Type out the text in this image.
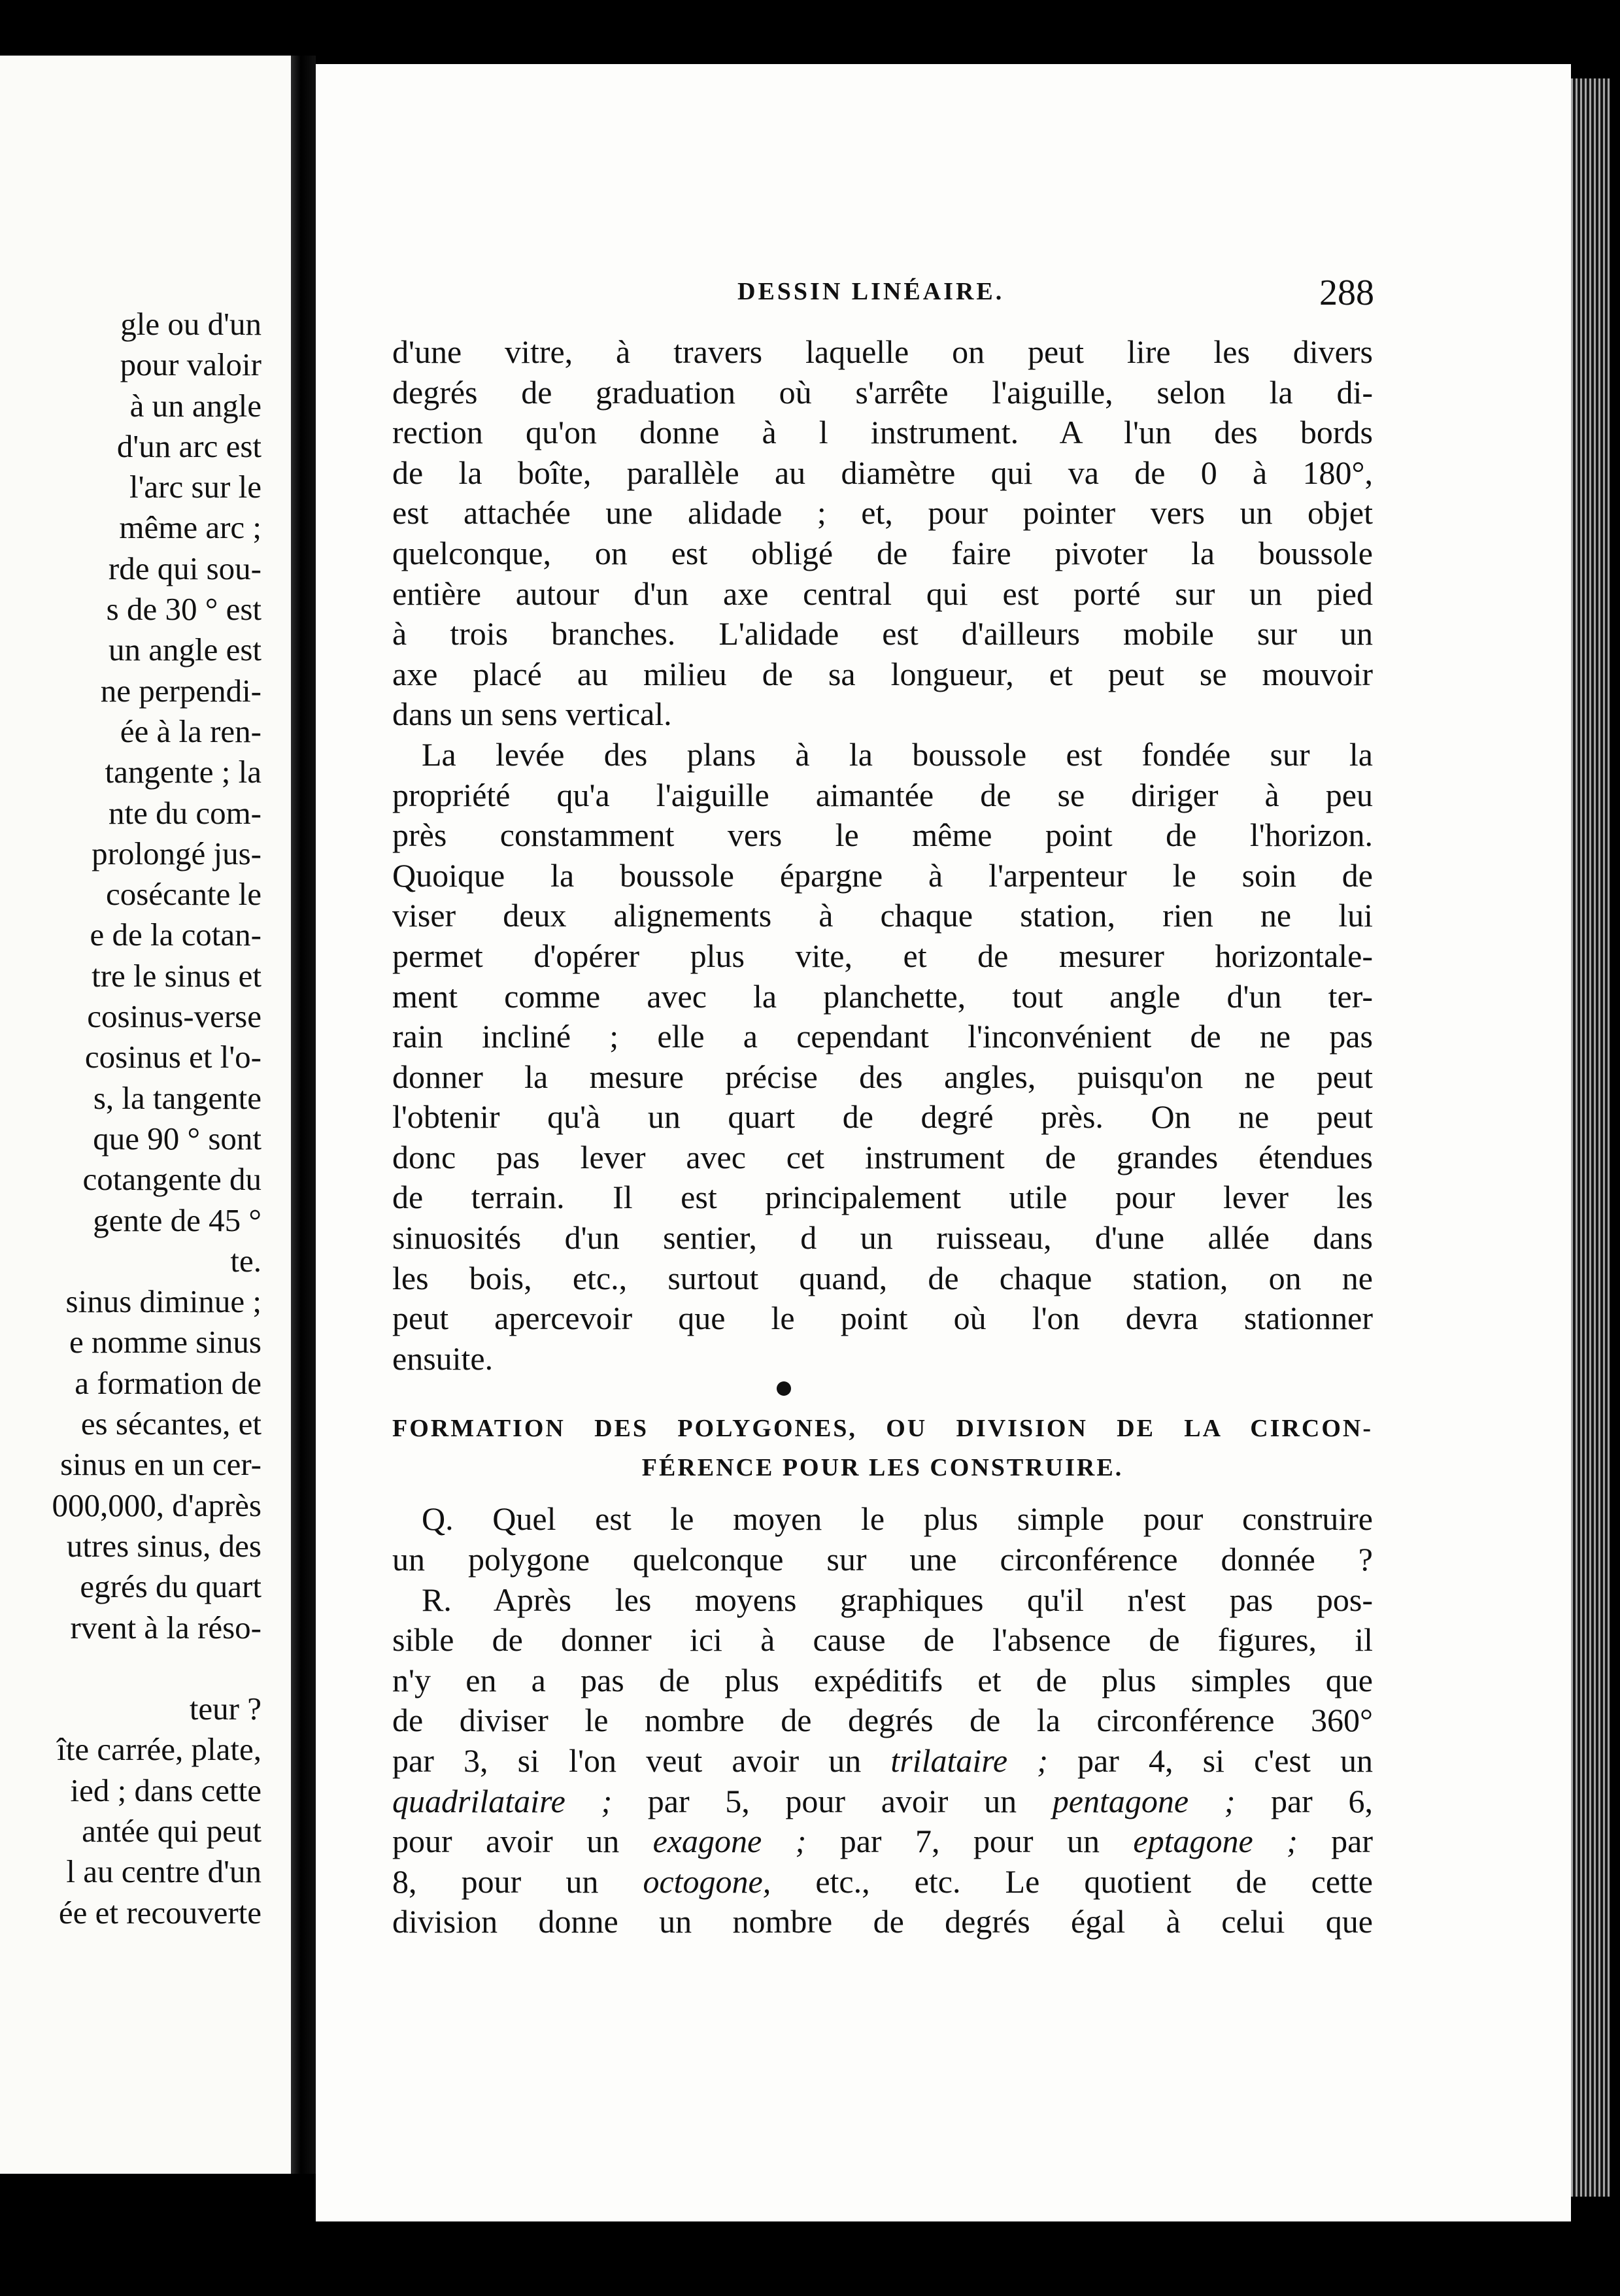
gle ou d'un
pour valoir
à un angle
d'un arc est
l'arc sur le
même arc ;
rde qui sou-
s de 30 ° est
un angle est
ne perpendi-
ée à la ren-
tangente ; la
nte du com-
prolongé jus-
cosécante le
e de la cotan-
tre le sinus et
cosinus-verse
cosinus et l'o-
s, la tangente
que 90 ° sont
cotangente du
gente de 45 °
te.
sinus diminue ;
e nomme sinus
a formation de
es sécantes, et
sinus en un cer-
000,000, d'après
utres sinus, des
egrés du quart
rvent à la réso-
teur ?
îte carrée, plate,
ied ; dans cette
antée qui peut
l au centre d'un
ée et recouverte
DESSIN LINÉAIRE.	288
d'une vitre, à travers laquelle on peut lire les divers
degrés de graduation où s'arrête l'aiguille, selon la di-
rection qu'on donne à l instrument. A l'un des bords
de la boîte, parallèle au diamètre qui va de 0 à 180°,
est attachée une alidade ; et, pour pointer vers un objet
quelconque, on est obligé de faire pivoter la boussole
entière autour d'un axe central qui est porté sur un pied
à trois branches. L'alidade est d'ailleurs mobile sur un
axe placé au milieu de sa longueur, et peut se mouvoir
dans un sens vertical.
La levée des plans à la boussole est fondée sur la
propriété qu'a l'aiguille aimantée de se diriger à peu
près constamment vers le même point de l'horizon.
Quoique la boussole épargne à l'arpenteur le soin de
viser deux alignements à chaque station, rien ne lui
permet d'opérer plus vite, et de mesurer horizontale-
ment comme avec la planchette, tout angle d'un ter-
rain incliné ; elle a cependant l'inconvénient de ne pas
donner la mesure précise des angles, puisqu'on ne peut
l'obtenir qu'à un quart de degré près. On ne peut
donc pas lever avec cet instrument de grandes étendues
de terrain. Il est principalement utile pour lever les
sinuosités d'un sentier, d un ruisseau, d'une allée dans
les bois, etc., surtout quand, de chaque station, on ne
peut apercevoir que le point où l'on devra stationner
ensuite.
FORMATION DES POLYGONES, OU DIVISION DE LA CIRCON-
FÉRENCE POUR LES CONSTRUIRE.
Q. Quel est le moyen le plus simple pour construire
un polygone quelconque sur une circonférence donnée ?
R. Après les moyens graphiques qu'il n'est pas pos-
sible de donner ici à cause de l'absence de figures, il
n'y en a pas de plus expéditifs et de plus simples que
de diviser le nombre de degrés de la circonférence 360°
par 3, si l'on veut avoir un trilataire ; par 4, si c'est un
quadrilataire ; par 5, pour avoir un pentagone ; par 6,
pour avoir un exagone ; par 7, pour un eptagone ; par
8, pour un octogone, etc., etc. Le quotient de cette
division donne un nombre de degrés égal à celui que
